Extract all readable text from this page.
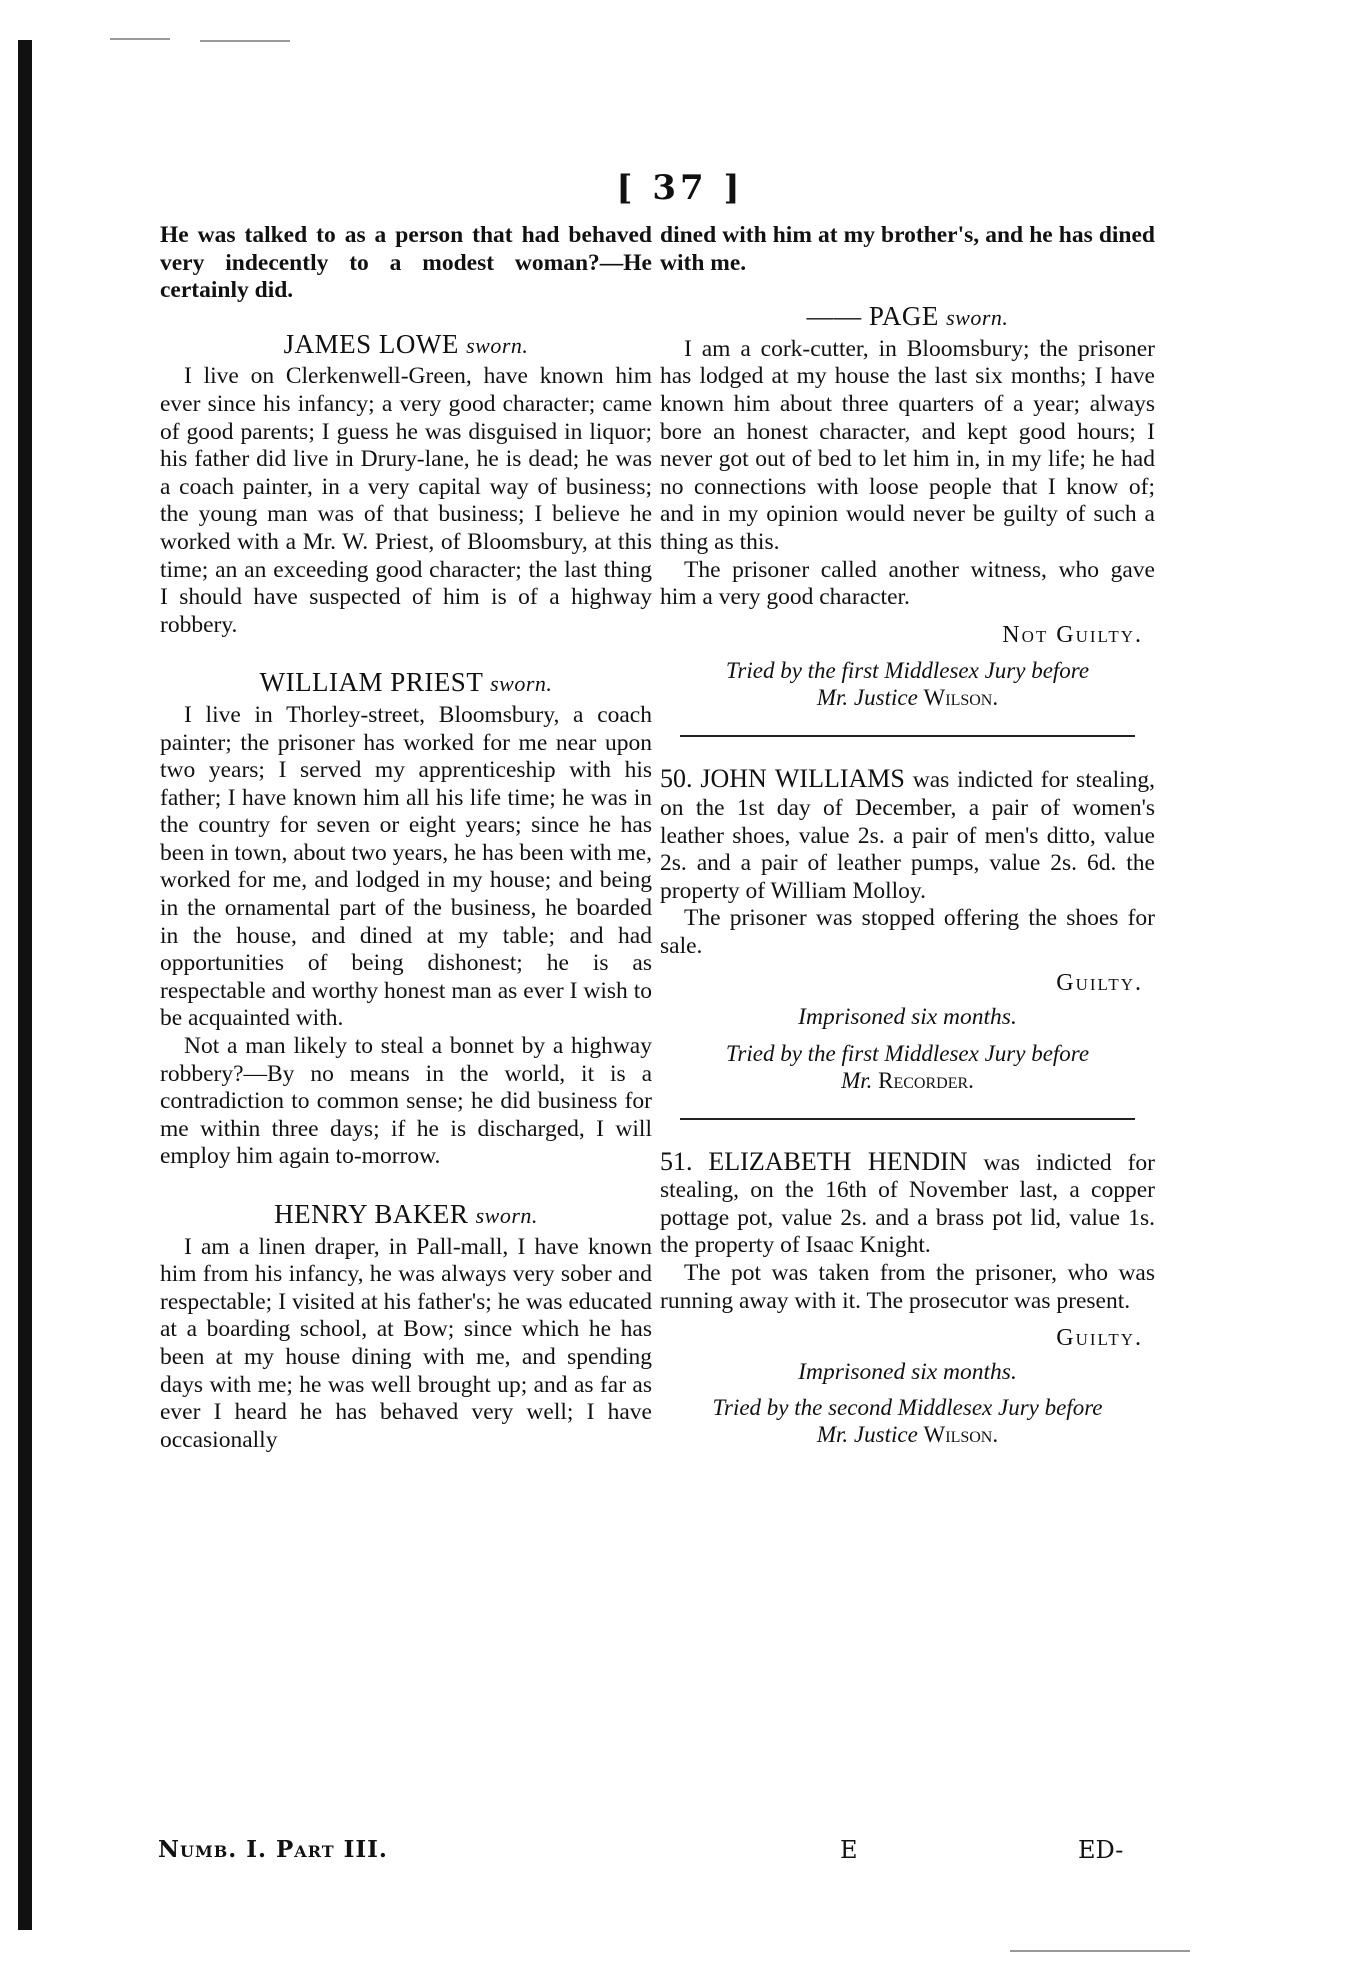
[ 37 ]

He was talked to as a person that had behaved very indecently to a modest woman?—He certainly did.

JAMES LOWE sworn.

I live on Clerkenwell-Green, have known him ever since his infancy; a very good character; came of good parents; I guess he was disguised in liquor; his father did live in Drury-lane, he is dead; he was a coach painter, in a very capital way of business; the young man was of that business; I believe he worked with a Mr. W. Priest, of Bloomsbury, at this time; an an exceeding good character; the last thing I should have suspected of him is of a highway robbery.

WILLIAM PRIEST sworn.

I live in Thorley-street, Bloomsbury, a coach painter; the prisoner has worked for me near upon two years; I served my apprenticeship with his father; I have known him all his life time; he was in the country for seven or eight years; since he has been in town, about two years, he has been with me, worked for me, and lodged in my house; and being in the ornamental part of the business, he boarded in the house, and dined at my table; and had opportunities of being dishonest; he is as respectable and worthy honest man as ever I wish to be acquainted with.

Not a man likely to steal a bonnet by a highway robbery?—By no means in the world, it is a contradiction to common sense; he did business for me within three days; if he is discharged, I will employ him again to-morrow.

HENRY BAKER sworn.

I am a linen draper, in Pall-mall, I have known him from his infancy, he was always very sober and respectable; I visited at his father's; he was educated at a boarding school, at Bow; since which he has been at my house dining with me, and spending days with me; he was well brought up; and as far as ever I heard he has behaved very well; I have occasionally

dined with him at my brother's, and he has dined with me.

—— PAGE sworn.

I am a cork-cutter, in Bloomsbury; the prisoner has lodged at my house the last six months; I have known him about three quarters of a year; always bore an honest character, and kept good hours; I never got out of bed to let him in, in my life; he had no connections with loose people that I know of; and in my opinion would never be guilty of such a thing as this.

The prisoner called another witness, who gave him a very good character.

Not Guilty.
Tried by the first Middlesex Jury before
Mr. Justice Wilson.

50. JOHN WILLIAMS was indicted for stealing, on the 1st day of December, a pair of women's leather shoes, value 2s. a pair of men's ditto, value 2s. and a pair of leather pumps, value 2s. 6d. the property of William Molloy.

The prisoner was stopped offering the shoes for sale.

Guilty.
Imprisoned six months.
Tried by the first Middlesex Jury before
Mr. Recorder.

51. ELIZABETH HENDIN was indicted for stealing, on the 16th of November last, a copper pottage pot, value 2s. and a brass pot lid, value 1s. the property of Isaac Knight.

The pot was taken from the prisoner, who was running away with it. The prosecutor was present.

Guilty.
Imprisoned six months.
Tried by the second Middlesex Jury before
Mr. Justice Wilson.
Numb. I. Part III.	E	ED-
